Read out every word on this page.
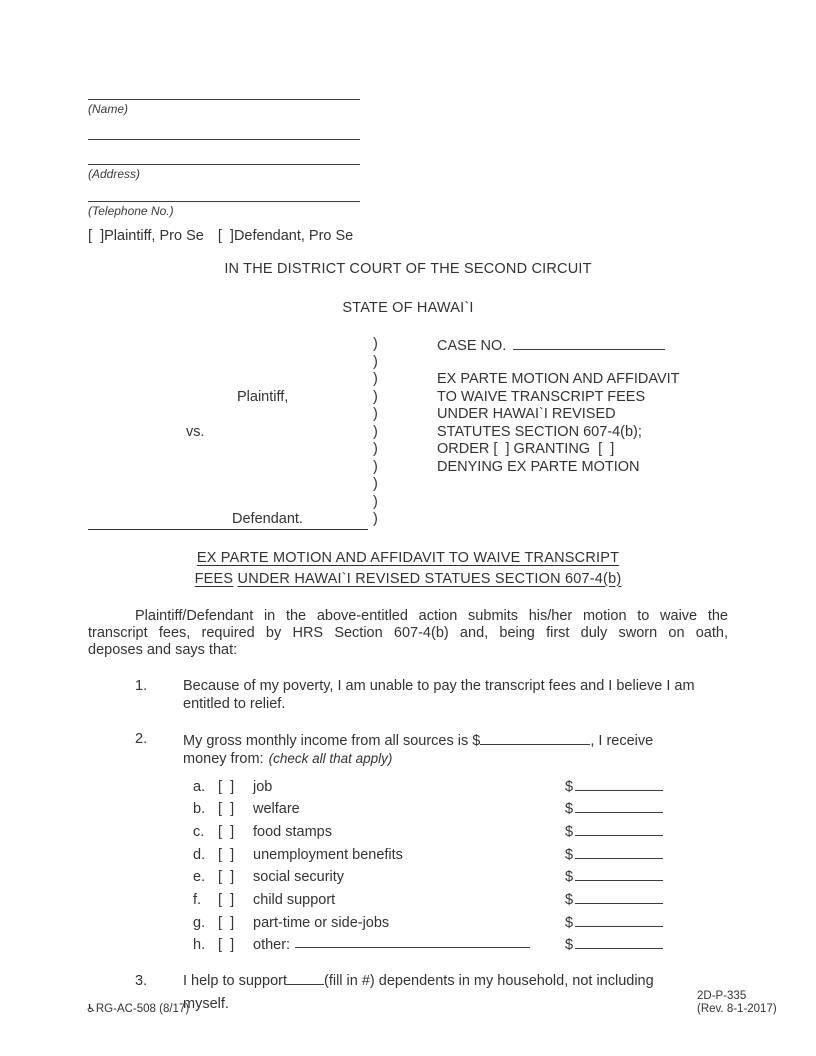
(Name)
(Address)
(Telephone No.)
[  ]Plaintiff, Pro Se [  ]Defendant, Pro Se
IN THE DISTRICT COURT OF THE SECOND CIRCUIT
STATE OF HAWAI`I
Plaintiff,
vs.
Defendant.
)
)
)
)
)
)
)
)
)
)
)
CASE NO.
EX PARTE MOTION AND AFFIDAVIT
TO WAIVE TRANSCRIPT FEES
UNDER HAWAI`I REVISED
STATUTES SECTION 607-4(b);
ORDER [  ] GRANTING  [  ]
DENYING EX PARTE MOTION
EX PARTE MOTION AND AFFIDAVIT TO WAIVE TRANSCRIPT
FEES UNDER HAWAI`I REVISED STATUES SECTION 607-4(b)
Plaintiff/Defendant in the above-entitled action submits his/her motion to waive the
transcript fees, required by HRS Section 607-4(b) and, being first duly sworn on oath,
deposes and says that:
1.	Because of my poverty, I am unable to pay the transcript fees and I believe I am
entitled to relief.
2.	My gross monthly income from all sources is $	, I receive
money from: (check all that apply)
a. [  ]	job	$
b. [  ]	welfare	$
c. [  ]	food stamps	$
d. [  ]	unemployment benefits	$
e. [  ]	social security	$
f.	[  ]	child support	$
g. [  ]	part-time or side-jobs	$
h. [  ]	other:	$
3.	I help to support	(fill in #) dependents in my household, not including
myself.
♿RG-AC-508 (8/17)
2D-P-335
(Rev. 8-1-2017)
